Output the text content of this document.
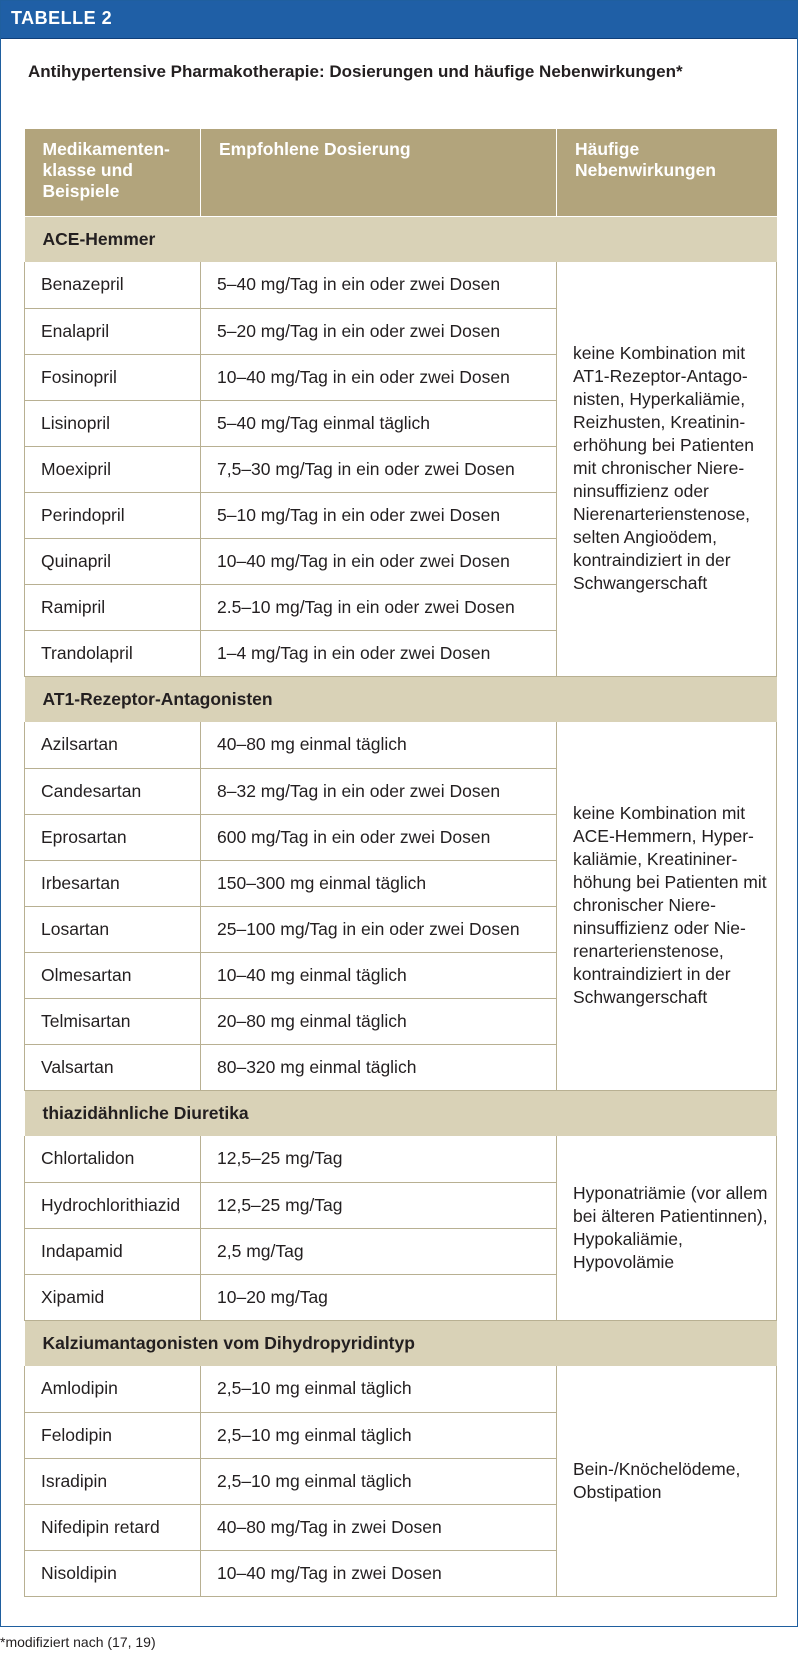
TABELLE 2
Antihypertensive Pharmakotherapie: Dosierungen und häufige Nebenwirkungen*
Medikamenten-klasse und Beispiele	Empfohlene Dosierung	Häufige Nebenwirkungen
ACE-Hemmer		
Benazepril	5–40 mg/Tag in ein oder zwei Dosen	keine Kombination mit AT1-Rezeptor-Antago-nisten, Hyperkaliämie, Reizhusten, Kreatinin-erhöhung bei Patienten mit chronischer Niere-ninsuffizienz oder Nierenarterienstenose, selten Angioödem, kontraindiziert in der Schwangerschaft
Enalapril	5–20 mg/Tag in ein oder zwei Dosen	
Fosinopril	10–40 mg/Tag in ein oder zwei Dosen	
Lisinopril	5–40 mg/Tag einmal täglich	
Moexipril	7,5–30 mg/Tag in ein oder zwei Dosen	
Perindopril	5–10 mg/Tag in ein oder zwei Dosen	
Quinapril	10–40 mg/Tag in ein oder zwei Dosen	
Ramipril	2.5–10 mg/Tag in ein oder zwei Dosen	
Trandolapril	1–4 mg/Tag in ein oder zwei Dosen	
AT1-Rezeptor-Antagonisten		
Azilsartan	40–80 mg einmal täglich	keine Kombination mit ACE-Hemmern, Hyper-kaliämie, Kreatininer-höhung bei Patienten mit chronischer Niere-ninsuffizienz oder Nie-renarterienstenose, kontraindiziert in der Schwangerschaft
Candesartan	8–32 mg/Tag in ein oder zwei Dosen	
Eprosartan	600 mg/Tag in ein oder zwei Dosen	
Irbesartan	150–300 mg einmal täglich	
Losartan	25–100 mg/Tag in ein oder zwei Dosen	
Olmesartan	10–40 mg einmal täglich	
Telmisartan	20–80 mg einmal täglich	
Valsartan	80–320 mg einmal täglich	
thiazidähnliche Diuretika		
Chlortalidon	12,5–25 mg/Tag	Hyponatriämie (vor allem bei älteren Patientinnen), Hypokaliämie, Hypovolämie
Hydrochlorithiazid	12,5–25 mg/Tag	
Indapamid	2,5 mg/Tag	
Xipamid	10–20 mg/Tag	
Kalziumantagonisten vom Dihydropyridintyp		
Amlodipin	2,5–10 mg einmal täglich	Bein-/Knöchelödeme, Obstipation
Felodipin	2,5–10 mg einmal täglich	
Isradipin	2,5–10 mg einmal täglich	
Nifedipin retard	40–80 mg/Tag in zwei Dosen	
Nisoldipin	10–40 mg/Tag in zwei Dosen	
*modifiziert nach (17, 19)
